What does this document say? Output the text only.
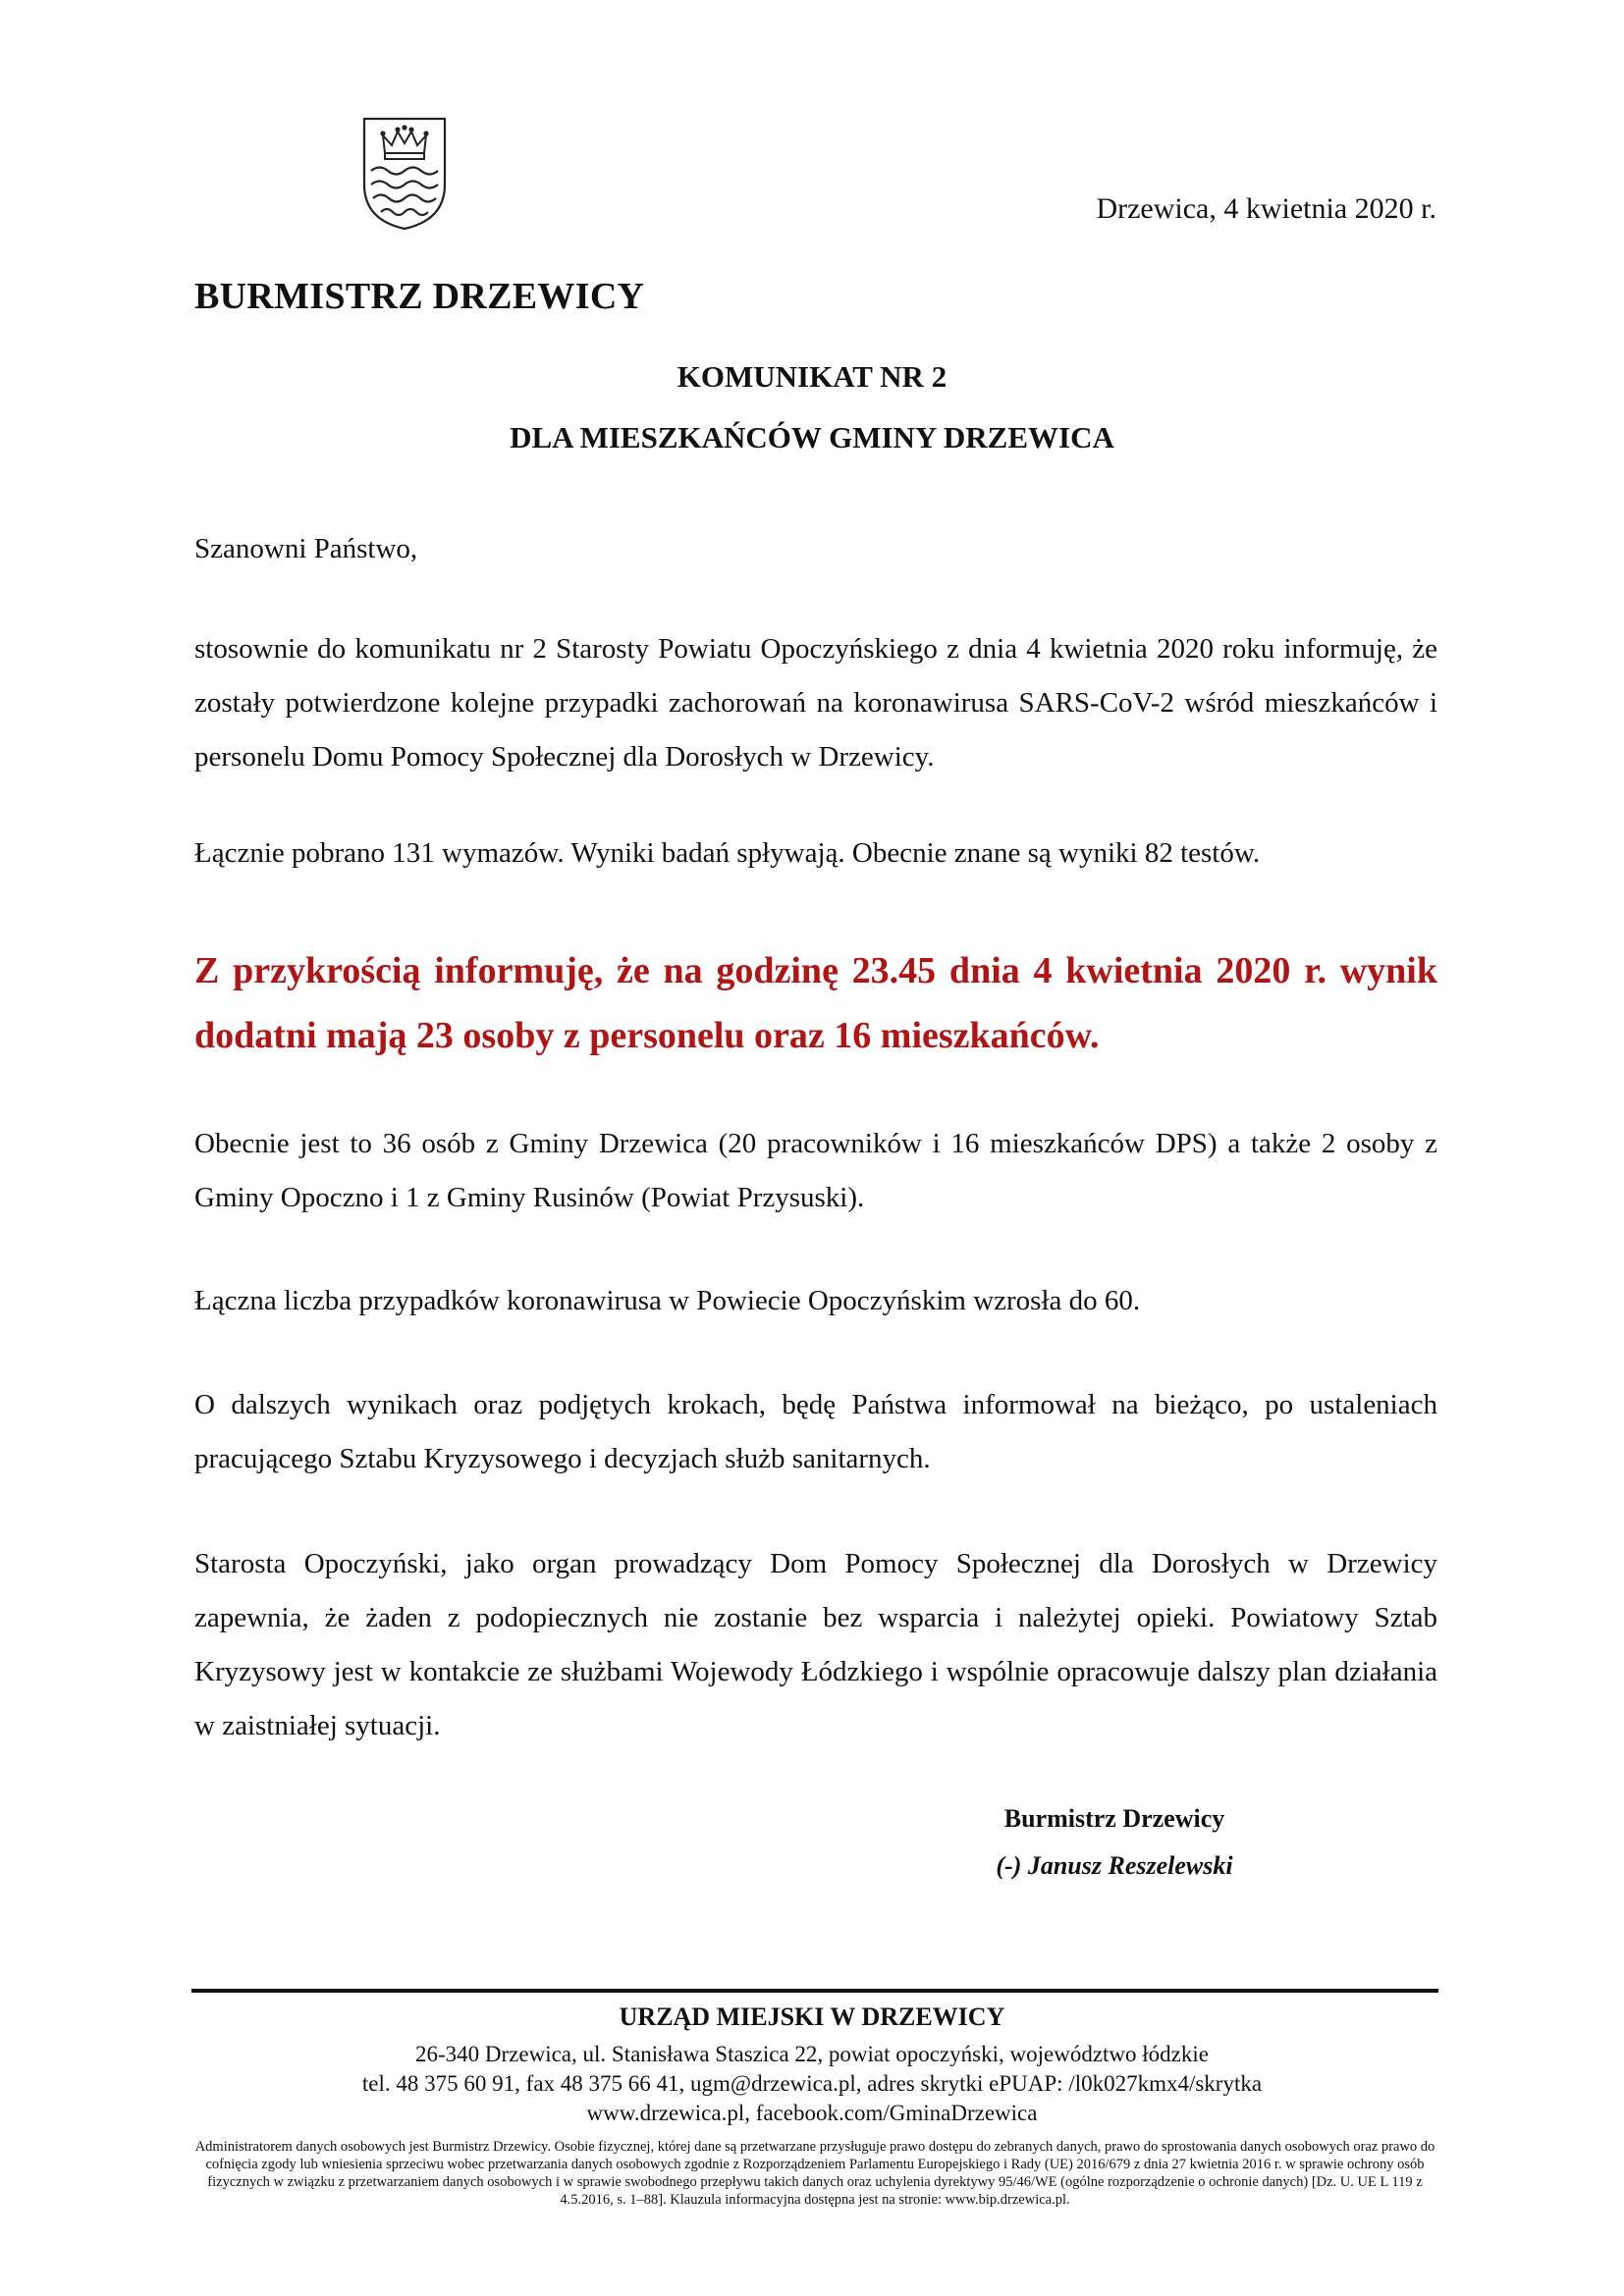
Drzewica, 4 kwietnia 2020 r.
BURMISTRZ DRZEWICY
KOMUNIKAT NR 2
DLA MIESZKAŃCÓW GMINY DRZEWICA
Szanowni Państwo,
stosownie do komunikatu nr 2 Starosty Powiatu Opoczyńskiego z dnia 4 kwietnia 2020 roku informuję, że zostały potwierdzone kolejne przypadki zachorowań na koronawirusa SARS-CoV-2 wśród mieszkańców i personelu Domu Pomocy Społecznej dla Dorosłych w Drzewicy.
Łącznie pobrano 131 wymazów. Wyniki badań spływają. Obecnie znane są wyniki 82 testów.
Z przykrością informuję, że na godzinę 23.45 dnia 4 kwietnia 2020 r. wynik dodatni mają 23 osoby z personelu oraz 16 mieszkańców.
Obecnie jest to 36 osób z Gminy Drzewica (20 pracowników i 16 mieszkańców DPS) a także 2 osoby z Gminy Opoczno i 1 z Gminy Rusinów (Powiat Przysuski).
Łączna liczba przypadków koronawirusa w Powiecie Opoczyńskim wzrosła do 60.
O dalszych wynikach oraz podjętych krokach, będę Państwa informował na bieżąco, po ustaleniach pracującego Sztabu Kryzysowego i decyzjach służb sanitarnych.
Starosta Opoczyński, jako organ prowadzący Dom Pomocy Społecznej dla Dorosłych w Drzewicy zapewnia, że żaden z podopiecznych nie zostanie bez wsparcia i należytej opieki. Powiatowy Sztab Kryzysowy jest w kontakcie ze służbami Wojewody Łódzkiego i wspólnie opracowuje dalszy plan działania w zaistniałej sytuacji.
Burmistrz Drzewicy
(-) Janusz Reszelewski
URZĄD MIEJSKI W DRZEWICY
26-340 Drzewica, ul. Stanisława Staszica 22, powiat opoczyński, województwo łódzkie
tel. 48 375 60 91, fax 48 375 66 41, ugm@drzewica.pl, adres skrytki ePUAP: /l0k027kmx4/skrytka
www.drzewica.pl, facebook.com/GminaDrzewica
Administratorem danych osobowych jest Burmistrz Drzewicy. Osobie fizycznej, której dane są przetwarzane przysługuje prawo dostępu do zebranych danych, prawo do sprostowania danych osobowych oraz prawo do cofnięcia zgody lub wniesienia sprzeciwu wobec przetwarzania danych osobowych zgodnie z Rozporządzeniem Parlamentu Europejskiego i Rady (UE) 2016/679 z dnia 27 kwietnia 2016 r. w sprawie ochrony osób fizycznych w związku z przetwarzaniem danych osobowych i w sprawie swobodnego przepływu takich danych oraz uchylenia dyrektywy 95/46/WE (ogólne rozporządzenie o ochronie danych) [Dz. U. UE L 119 z 4.5.2016, s. 1–88]. Klauzula informacyjna dostępna jest na stronie: www.bip.drzewica.pl.
